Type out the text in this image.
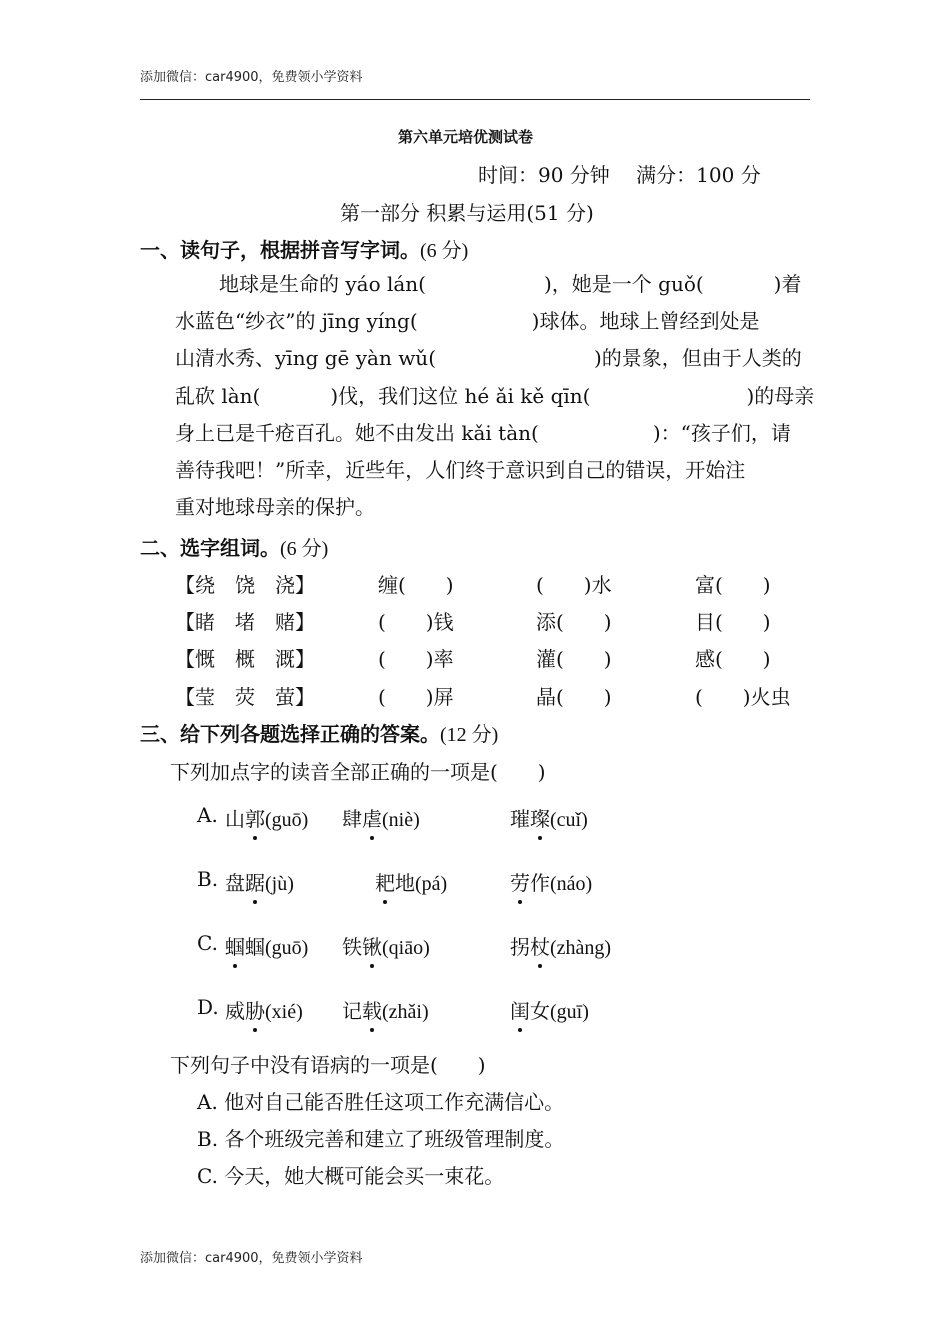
添加微信：car4900，免费领小学资料
第六单元培优测试卷
时间：90 分钟　 满分：100 分
第一部分 积累与运用(51 分)
一、读句子，根据拼音写字词。(6 分)
地球是生命的 yáo lán(	)，她是一个 guǒ(	)着
水蓝色“纱衣”的 jīng yíng(	)球体。地球上曾经到处是
山清水秀、yīng gē yàn wǔ(	)的景象，但由于人类的
乱砍 làn(	)伐，我们这位 hé ǎi kě qīn(	)的母亲
身上已是千疮百孔。她不由发出 kǎi tàn(	)：“孩子们，请
善待我吧！”所幸，近些年，人们终于意识到自己的错误，开始注
重对地球母亲的保护。
二、选字组词。(6 分)
【绕　饶　浇】	缠(　　)	(　　)水	富(　　)
【睹　堵　赌】	(　　)钱	添(　　)	目(　　)
【慨　概　溉】	(　　)率	灌(　　)	感(　　)
【莹　荧　萤】	(　　)屏	晶(　　)	(　　)火虫
三、给下列各题选择正确的答案。(12 分)
下列加点字的读音全部正确的一项是(　　)
A. 山郭(guō) 肆虐(niè)	璀璨(cuǐ)
B. 盘踞(jù)	耙地(pá)	劳作(náo)
C. 蝈蝈(guō) 铁锹(qiāo)	拐杖(zhàng)
D. 威胁(xié) 记载(zhǎi)	闺女(guī)
下列句子中没有语病的一项是(　　)
A. 他对自己能否胜任这项工作充满信心。
B. 各个班级完善和建立了班级管理制度。
C. 今天，她大概可能会买一束花。
添加微信：car4900，免费领小学资料
